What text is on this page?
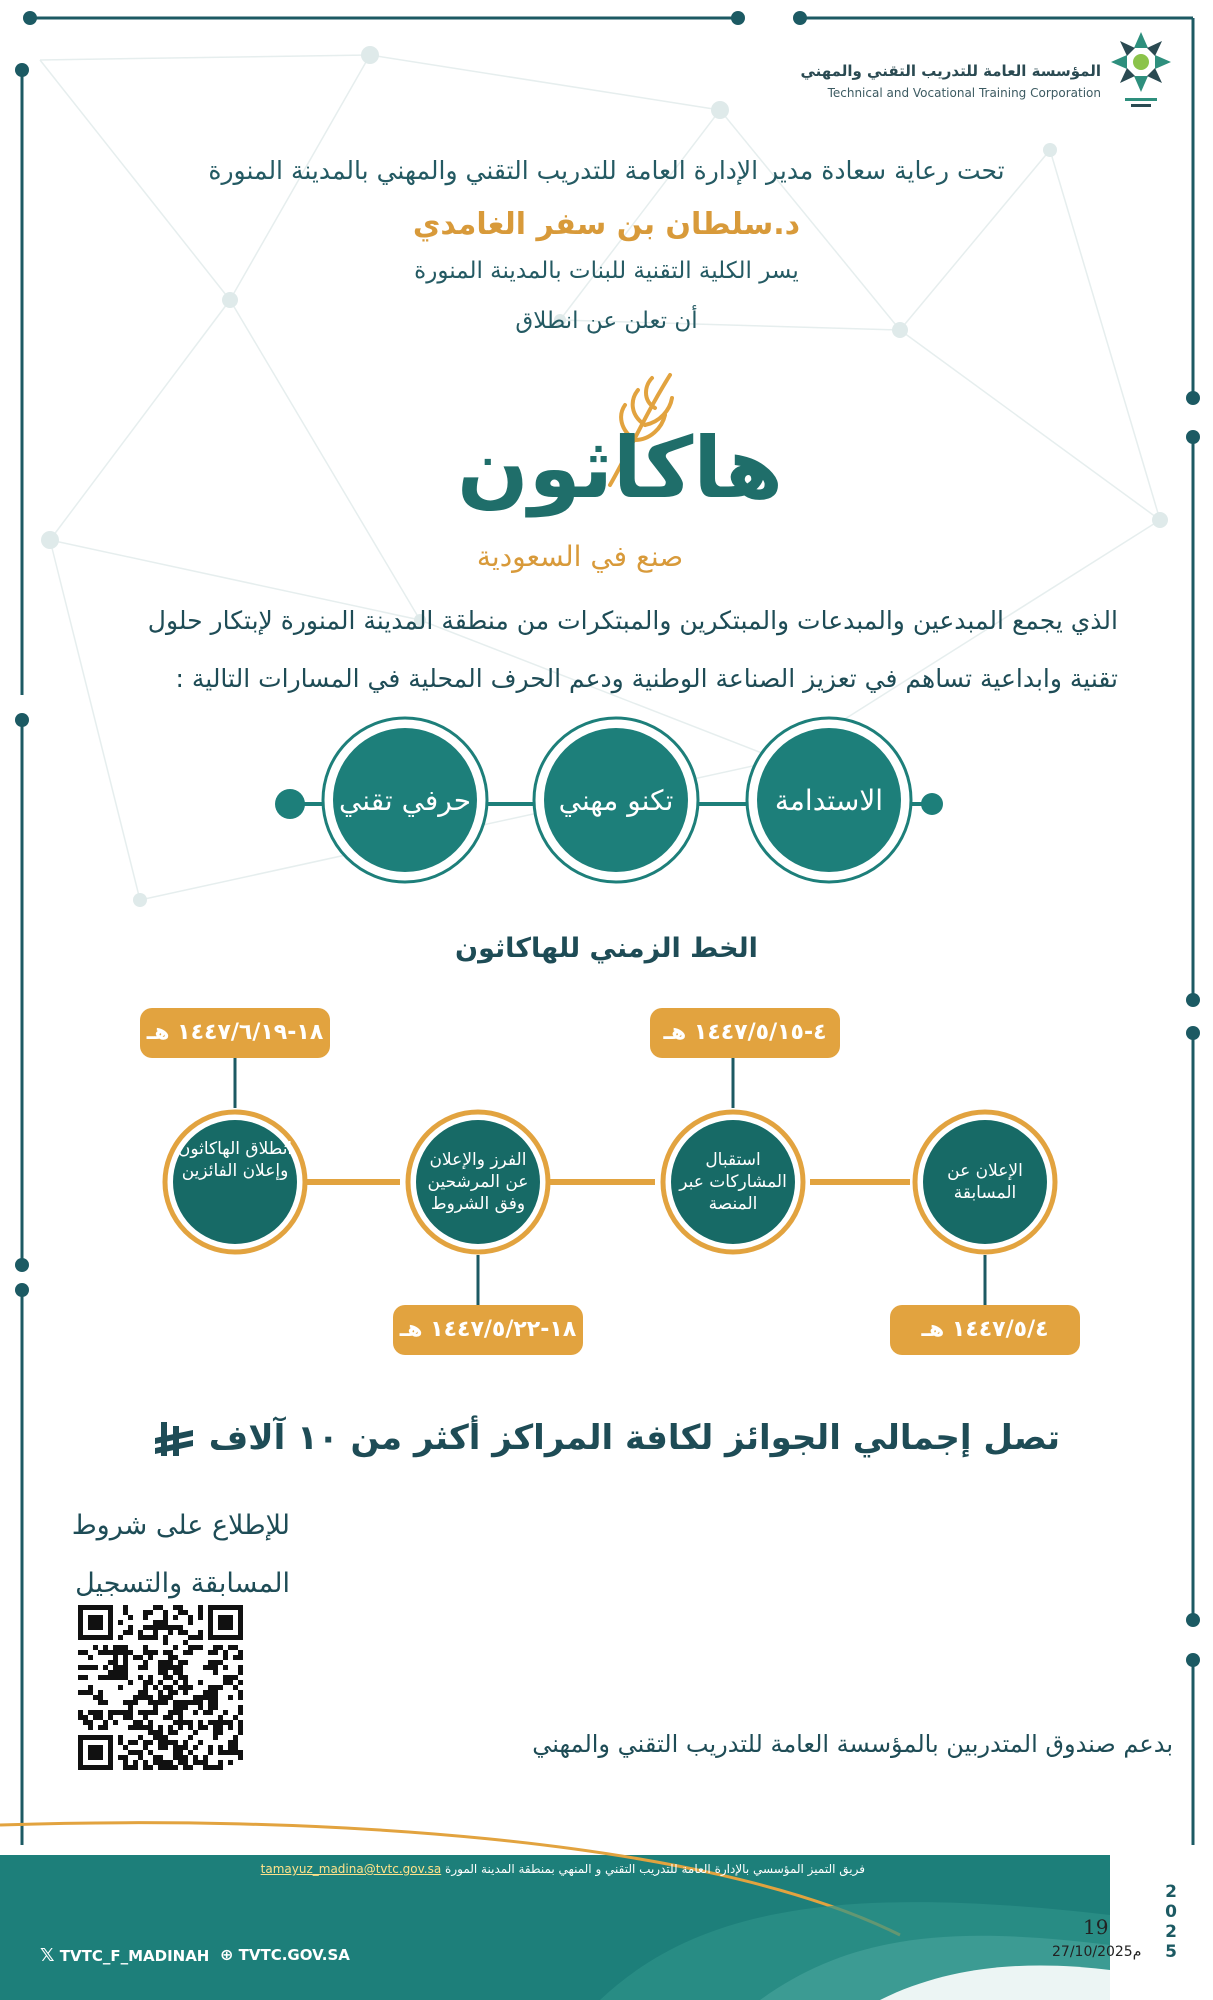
المؤسسة العامة للتدريب التقني والمهني
Technical and Vocational Training Corporation
تحت رعاية سعادة مدير الإدارة العامة للتدريب التقني والمهني بالمدينة المنورة
د.سلطان بن سفر الغامدي
يسر الكلية التقنية للبنات بالمدينة المنورة
أن تعلن عن انطلاق
هاكاثون
صنع في السعودية
الذي يجمع المبدعين والمبدعات والمبتكرين والمبتكرات من منطقة المدينة المنورة لإبتكار حلول
تقنية وابداعية تساهم في تعزيز الصناعة الوطنية ودعم الحرف المحلية في المسارات التالية :
الاستدامة
تكنو مهني
حرفي تقني
الخط الزمني للهاكاثون
الإعلان عن المسابقة
استقبال المشاركات عبر المنصة
الفرز والإعلان عن المرشحين وفق الشروط
انطلاق الهاكاثون وإعلان الفائزين
١٤٤٧/٥/٤ هـ
٤-١٤٤٧/٥/١٥ هـ
١٨-١٤٤٧/٥/٢٢ هـ
١٨-١٤٤٧/٦/١٩ هـ
تصل إجمالي الجوائز لكافة المراكز أكثر من ١٠ آلاف
للإطلاع على شروط
المسابقة والتسجيل
بدعم صندوق المتدربين بالمؤسسة العامة للتدريب التقني والمهني
فريق التميز المؤسسي بالإدارة العامة للتدريب التقني و المنهي بمنطقة المدينة المورة tamayuz_madina@tvtc.gov.sa
𝕏 TVTC_F_MADINAH ⊕ TVTC.GOV.SA
19
م27/10/2025
2
0
2
5
